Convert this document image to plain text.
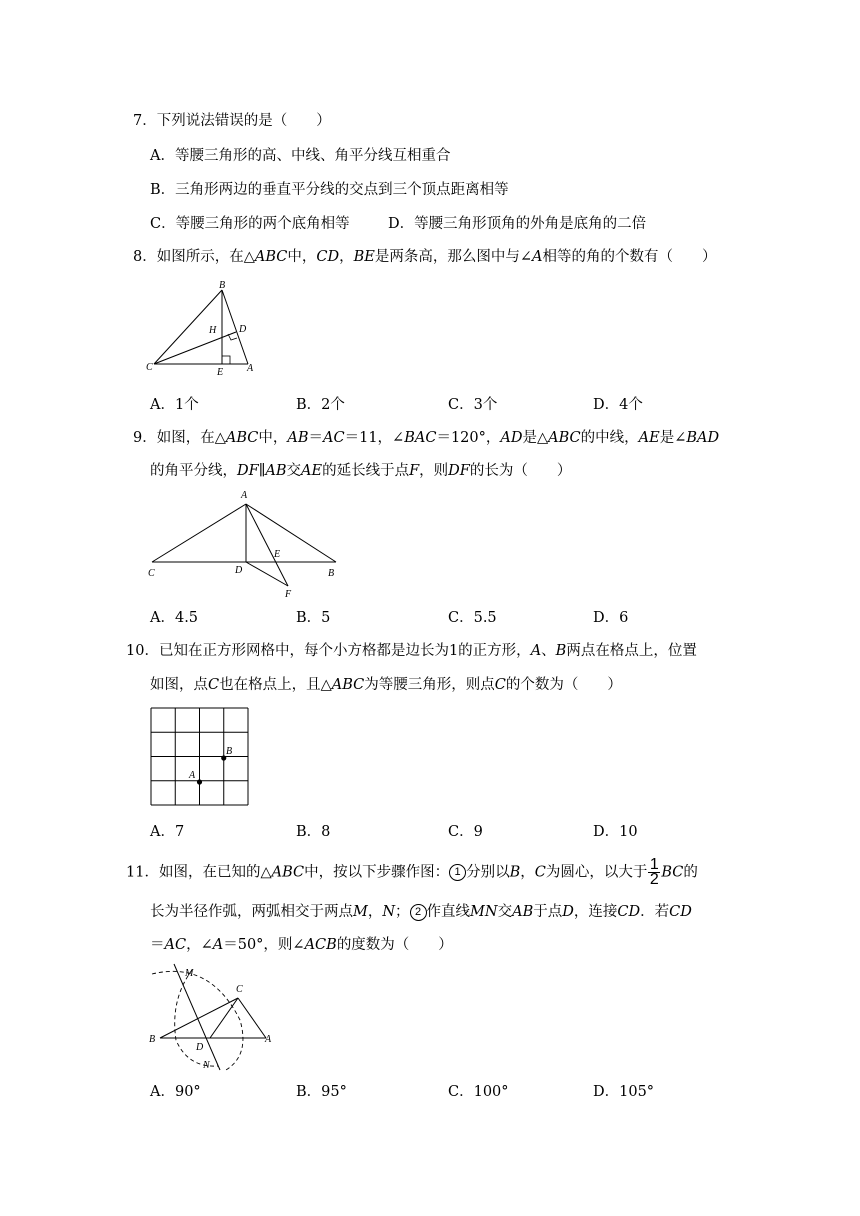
7．下列说法错误的是（　　）
A．等腰三角形的高、中线、角平分线互相重合
B．三角形两边的垂直平分线的交点到三个顶点距离相等
C．等腰三角形的两个底角相等	D．等腰三角形顶角的外角是底角的二倍
8．如图所示，在△ABC中，CD，BE是两条高，那么图中与∠A相等的角的个数有（　　）
B
H D
C	E A
A．1个	B．2个	C．3个	D．4个
9．如图，在△ABC中，AB＝AC＝11，∠BAC＝120°，AD是△ABC的中线，AE是∠BAD
的角平分线，DF∥AB交AE的延长线于点F，则DF的长为（　　）
A
E
C	D	B
F
A．4.5	B．5	C．5.5	D．6
10．已知在正方形网格中，每个小方格都是边长为1的正方形，A、B两点在格点上，位置
如图，点C也在格点上，且△ABC为等腰三角形，则点C的个数为（　　）
A
B
A．7	B．8	C．9	D．10
11．如图，在已知的△ABC中，按以下步骤作图： 1 分别以B，C为圆心，以大于 $\frac{1}{2}$ BC的
长为半径作弧，两弧相交于两点M，N； 2 作直线MN交AB于点D，连接CD．若CD
＝AC，∠A＝50°，则∠ACB的度数为（　　）
M
C
B
D
A
N
A．90°	B．95°	C．100°	D．105°
